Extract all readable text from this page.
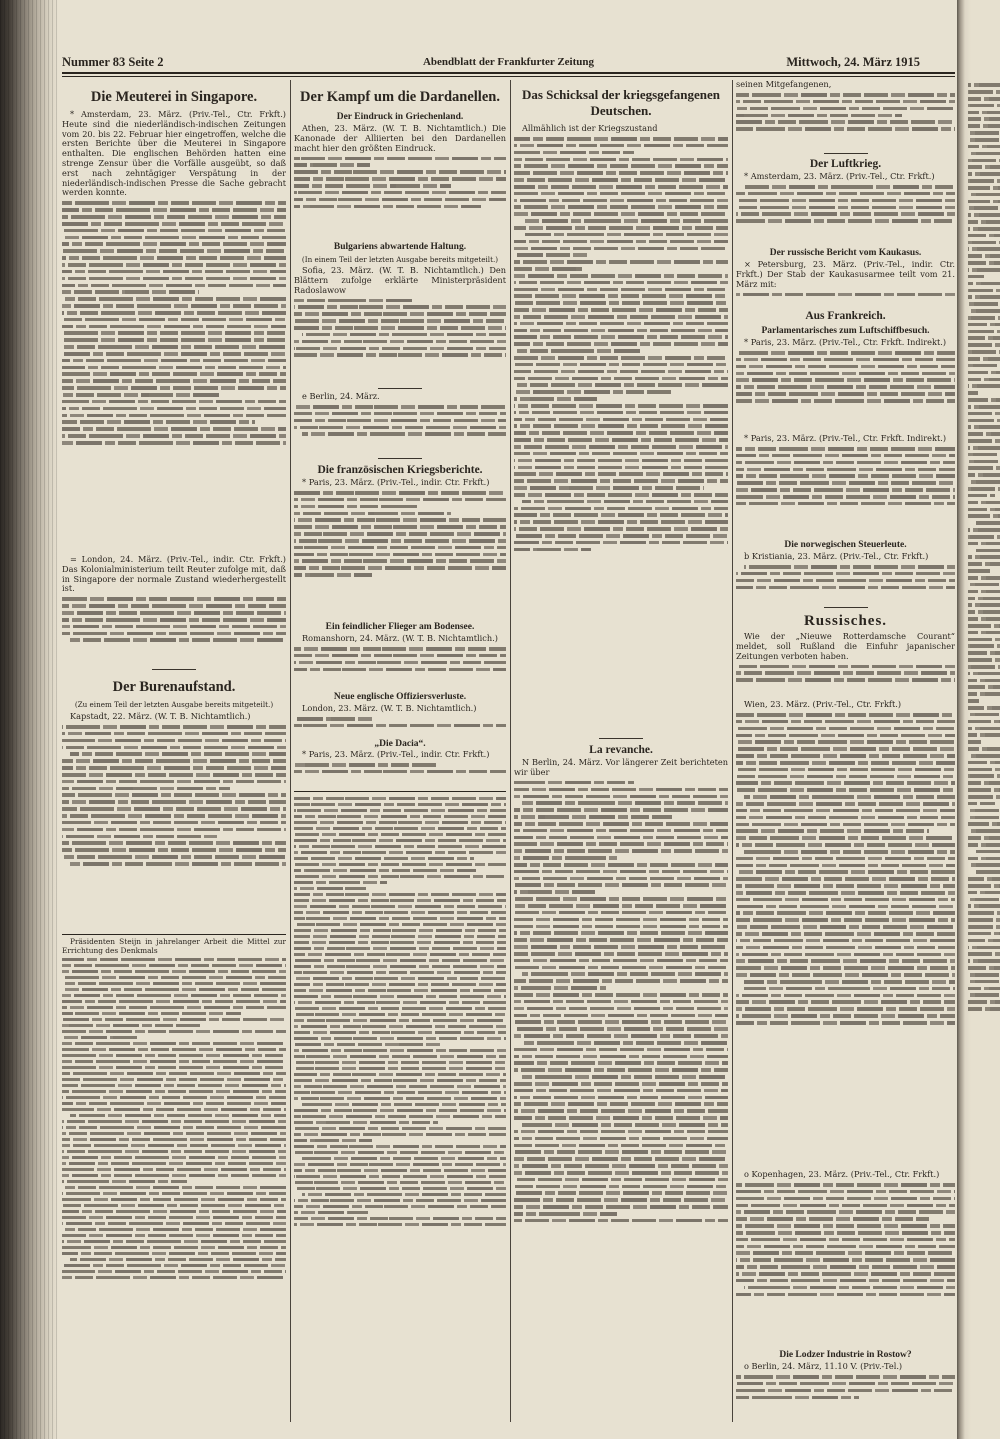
Nummer 83 Seite 2	Abendblatt der Frankfurter Zeitung	Mittwoch, 24. März 1915
Die Meuterei in Singapore.

* Amsterdam, 23. März. (Priv.-Tel., Ctr. Frkft.) Heute sind die niederländisch-indischen Zeitungen vom 20. bis 22. Februar hier eingetroffen, welche die ersten Berichte über die Meuterei in Singapore enthalten. Die englischen Behörden hatten eine strenge Zensur über die Vorfälle ausgeübt, so daß erst nach zehntägiger Verspätung in der niederländisch-indischen Presse die Sache gebracht werden konnte.

= London, 24. März. (Priv.-Tel., indir. Ctr. Frkft.) Das Kolonialministerium teilt Reuter zufolge mit, daß in Singapore der normale Zustand wiederhergestellt ist.

Der Burenaufstand.
(Zu einem Teil der letzten Ausgabe bereits mitgeteilt.)

Kapstadt, 22. März. (W. T. B. Nichtamtlich.)

Präsidenten Steijn in jahrelanger Arbeit die Mittel zur Errichtung des Denkmals

Der Kampf um die Dardanellen.
Der Eindruck in Griechenland.

Athen, 23. März. (W. T. B. Nichtamtlich.) Die Kanonade der Alliierten bei den Dardanellen macht hier den größten Eindruck.

Bulgariens abwartende Haltung.
(In einem Teil der letzten Ausgabe bereits mitgeteilt.)

Sofia, 23. März. (W. T. B. Nichtamtlich.) Den Blättern zufolge erklärte Ministerpräsident Radoslawow

e Berlin, 24. März.

Die französischen Kriegsberichte.

* Paris, 23. März. (Priv.-Tel., indir. Ctr. Frkft.)

Ein feindlicher Flieger am Bodensee.

Romanshorn, 24. März. (W. T. B. Nichtamtlich.)

Neue englische Offiziersverluste.

London, 23. März. (W. T. B. Nichtamtlich.)

„Die Dacia“.

* Paris, 23. März. (Priv.-Tel., indir. Ctr. Frkft.)

Das Schicksal der kriegsgefangenen Deutschen.

Allmählich ist der Kriegszustand

La revanche.

N Berlin, 24. März. Vor längerer Zeit berichteten wir über

seinen Mitgefangenen,

Der Luftkrieg.

* Amsterdam, 23. März. (Priv.-Tel., Ctr. Frkft.)

Der russische Bericht vom Kaukasus.

× Petersburg, 23. März. (Priv.-Tel., indir. Ctr. Frkft.) Der Stab der Kaukasusarmee teilt vom 21. März mit:

Aus Frankreich.
Parlamentarisches zum Luftschiffbesuch.

* Paris, 23. März. (Priv.-Tel., Ctr. Frkft. Indirekt.)

* Paris, 23. März. (Priv.-Tel., Ctr. Frkft. Indirekt.)

Die norwegischen Steuerleute.

b Kristiania, 23. März. (Priv.-Tel., Ctr. Frkft.)

Russisches.

Wie der „Nieuwe Rotterdamsche Courant“ meldet, soll Rußland die Einfuhr japanischer Zeitungen verboten haben.

Wien, 23. März. (Priv.-Tel., Ctr. Frkft.)

o Kopenhagen, 23. März. (Priv.-Tel., Ctr. Frkft.)

Die Lodzer Industrie in Rostow?

o Berlin, 24. März, 11.10 V. (Priv.-Tel.)
